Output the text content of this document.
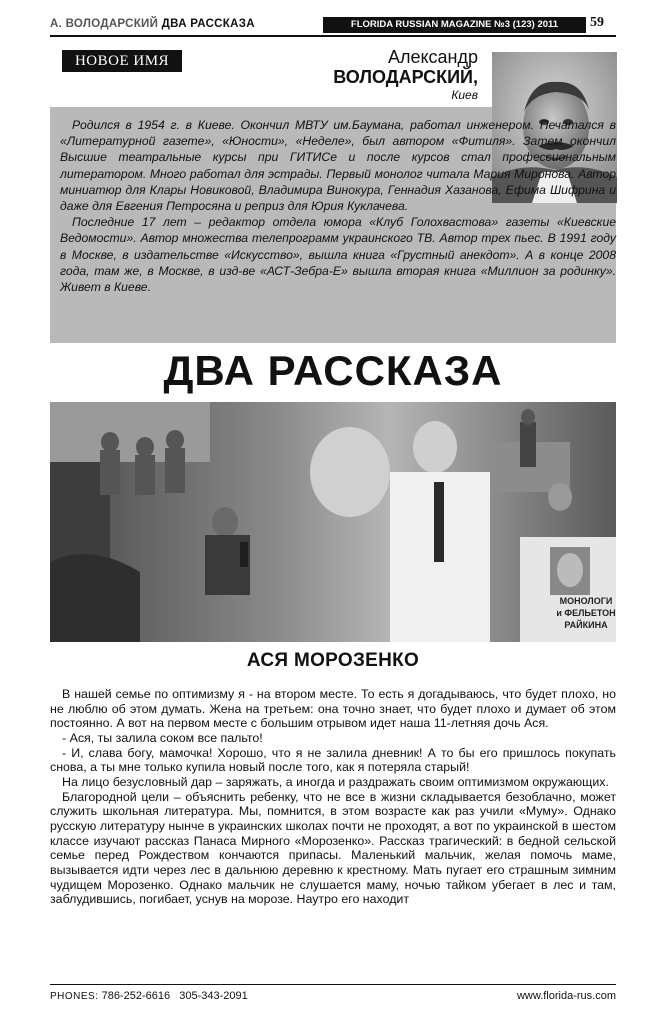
А. ВОЛОДАРСКИЙ ДВА РАССКАЗА	FLORIDA RUSSIAN MAGAZINE №3 (123) 2011	59
НОВОЕ ИМЯ	Александр
ВОЛОДАРСКИЙ,
Киев

Родился в 1954 г. в Киеве. Окончил МВТУ им.Баумана, работал инженером. Печатался в «Литературной газете», «Юности», «Неделе», был автором «Фитиля». Затем окончил Высшие театральные курсы при ГИТИСе и после курсов стал профессиональным литератором. Много работал для эстрады. Первый монолог читала Мария Миронова. Автор миниатюр для Клары Новиковой, Владимира Винокура, Геннадия Хазанова, Ефима Шифрина и даже для Евгения Петросяна и реприз для Юрия Куклачева.

Последние 17 лет – редактор отдела юмора «Клуб Голохвастова» газеты «Киевские Ведомости». Автор множества телепрограмм украинского ТВ. Автор трех пьес. В 1991 году в Москве, в издательстве «Искусство», вышла книга «Грустный анекдот». А в конце 2008 года, там же, в Москве, в изд-ве «АСТ-Зебра-Е» вышла вторая книга «Миллион за родинку». Живет в Киеве.

ДВА РАССКАЗА
МОНОЛОГИ и ФЕЛЬЕТОН
РАЙКИНА
АСЯ МОРОЗЕНКО

В нашей семье по оптимизму я - на втором месте. То есть я догадываюсь, что будет плохо, но не люблю об этом думать. Жена на третьем: она точно знает, что будет плохо и думает об этом постоянно. А вот на первом месте с большим отрывом идет наша 11-летняя дочь Ася.

- Ася, ты залила соком все пальто!

- И, слава богу, мамочка! Хорошо, что я не залила дневник! А то бы его пришлось покупать снова, а ты мне только купила новый после того, как я потеряла старый!

На лицо безусловный дар – заряжать, а иногда и раздражать своим оптимизмом окружающих.

Благородной цели – объяснить ребенку, что не все в жизни складывается безоблачно, может служить школьная литература. Мы, помнится, в этом возрасте как раз учили «Муму». Однако русскую литературу нынче в украинских школах почти не проходят, а вот по украинской в шестом классе изучают рассказ Панаса Мирного «Морозенко». Рассказ трагический: в бедной сельской семье перед Рождеством кончаются припасы. Маленький мальчик, желая помочь маме, вызывается идти через лес в дальнюю деревню к крестному. Мать пугает его страшным зимним чудищем Морозенко. Однако мальчик не слушается маму, ночью тайком убегает в лес и там, заблудившись, погибает, уснув на морозе. Наутро его находит

PHONES: 786-252-6616   305-343-2091	www.florida-rus.com
